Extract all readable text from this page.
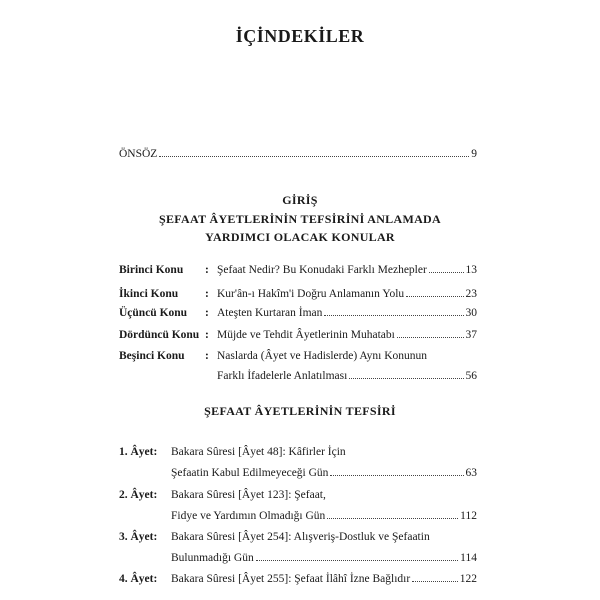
İÇİNDEKİLER
ÖNSÖZ	9
GİRİŞ
ŞEFAAT ÂYETLERİNİN TEFSİRİNİ ANLAMADA
YARDIMCI OLACAK KONULAR
Birinci Konu	: Şefaat Nedir? Bu Konudaki Farklı Mezhepler	13
İkinci Konu	: Kur'ân-ı Hakîm'i Doğru Anlamanın Yolu	23
Üçüncü Konu	: Ateşten Kurtaran İman	30
Dördüncü Konu : Müjde ve Tehdit Âyetlerinin Muhatabı	37
Beşinci Konu	: Naslarda (Âyet ve Hadislerde) Aynı Konunun
Farklı İfadelerle Anlatılması	56
ŞEFAAT ÂYETLERİNİN TEFSİRİ
1. Âyet:	Bakara Sûresi [Âyet 48]: Kâfirler İçin
Şefaatin Kabul Edilmeyeceği Gün	63
2. Âyet:	Bakara Sûresi [Âyet 123]: Şefaat,
Fidye ve Yardımın Olmadığı Gün	112
3. Âyet:	Bakara Sûresi [Âyet 254]: Alışveriş-Dostluk ve Şefaatin
Bulunmadığı Gün	114
4. Âyet:	Bakara Sûresi [Âyet 255]: Şefaat İlâhî İzne Bağlıdır	122
